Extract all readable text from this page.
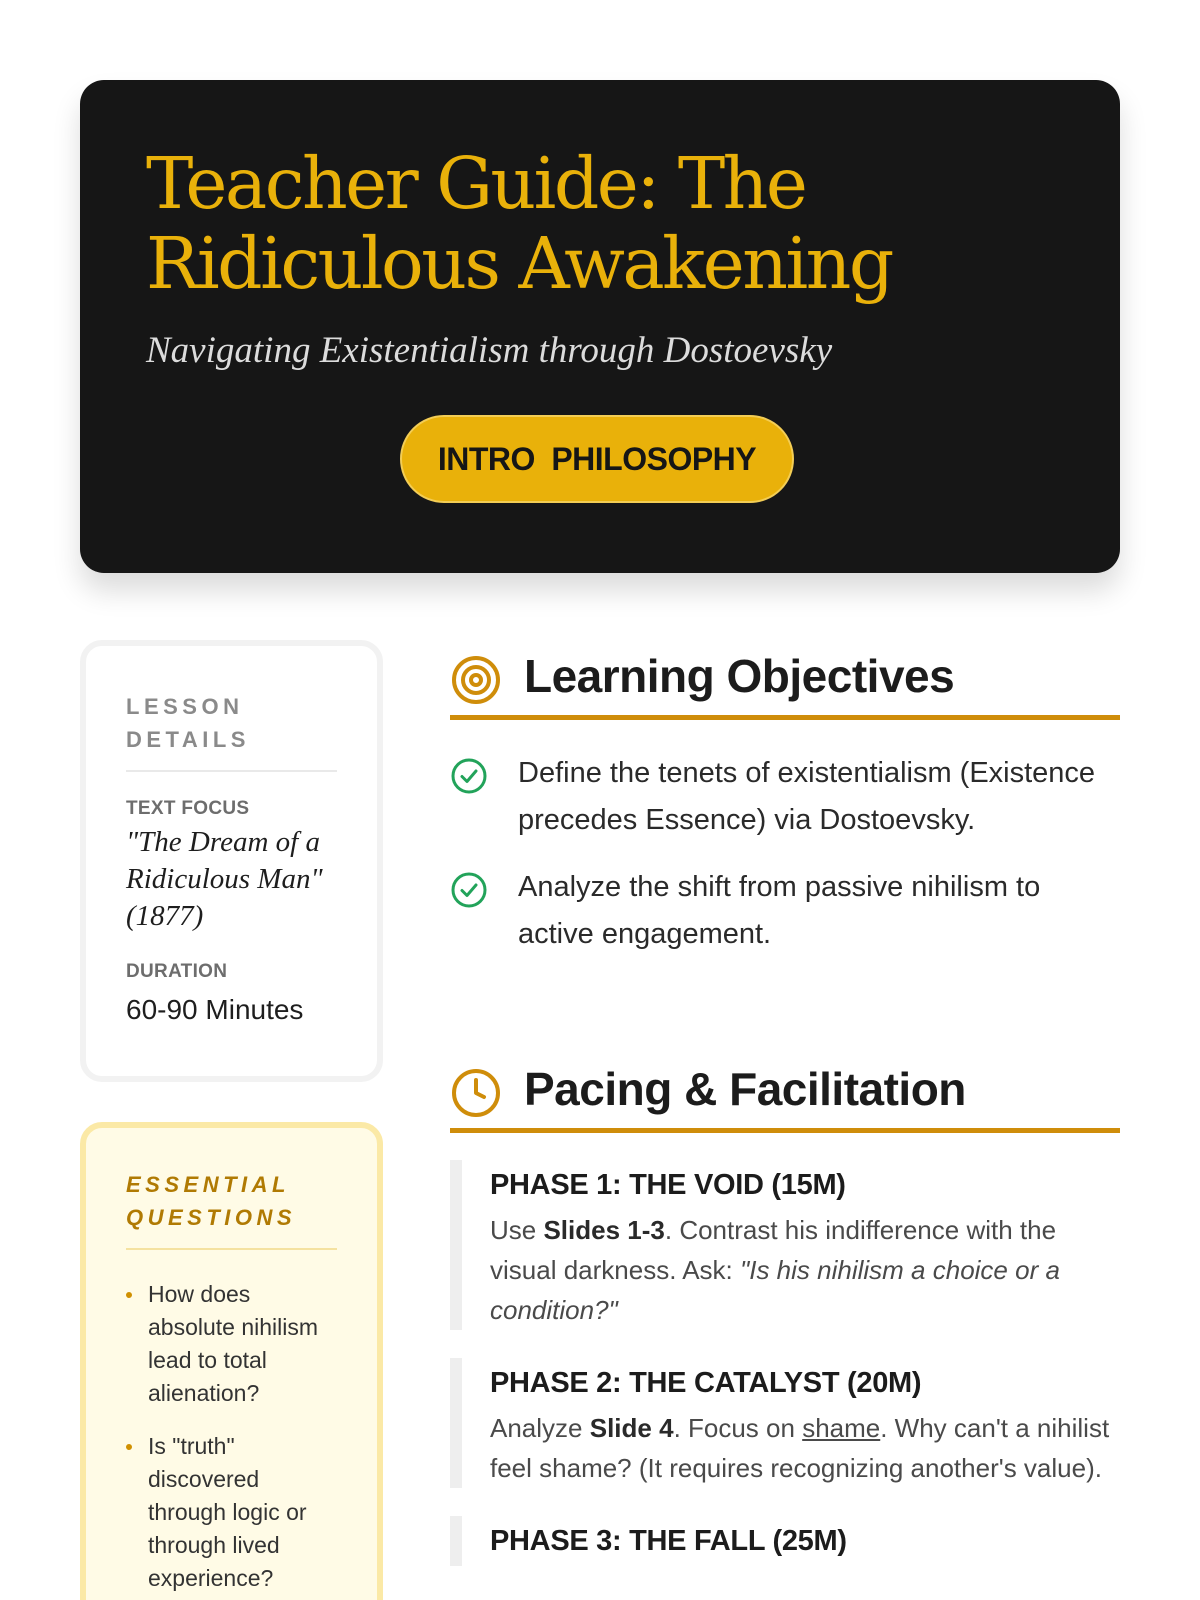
Teacher Guide: The Ridiculous Awakening

Navigating Existentialism through Dostoevsky

INTRO PHILOSOPHY
LESSON DETAILS
TEXT FOCUS
"The Dream of a Ridiculous Man" (1877)
DURATION
60-90 Minutes
ESSENTIAL QUESTIONS
How does absolute nihilism lead to total alienation?
Is "truth" discovered through logic or through lived experience?
Learning Objectives
Define the tenets of existentialism (Existence precedes Essence) via Dostoevsky.
Analyze the shift from passive nihilism to active engagement.
Pacing & Facilitation
PHASE 1: THE VOID (15M)

Use Slides 1-3. Contrast his indifference with the visual darkness. Ask: "Is his nihilism a choice or a condition?"

PHASE 2: THE CATALYST (20M)

Analyze Slide 4. Focus on shame. Why can't a nihilist feel shame? (It requires recognizing another's value).

PHASE 3: THE FALL (25M)
